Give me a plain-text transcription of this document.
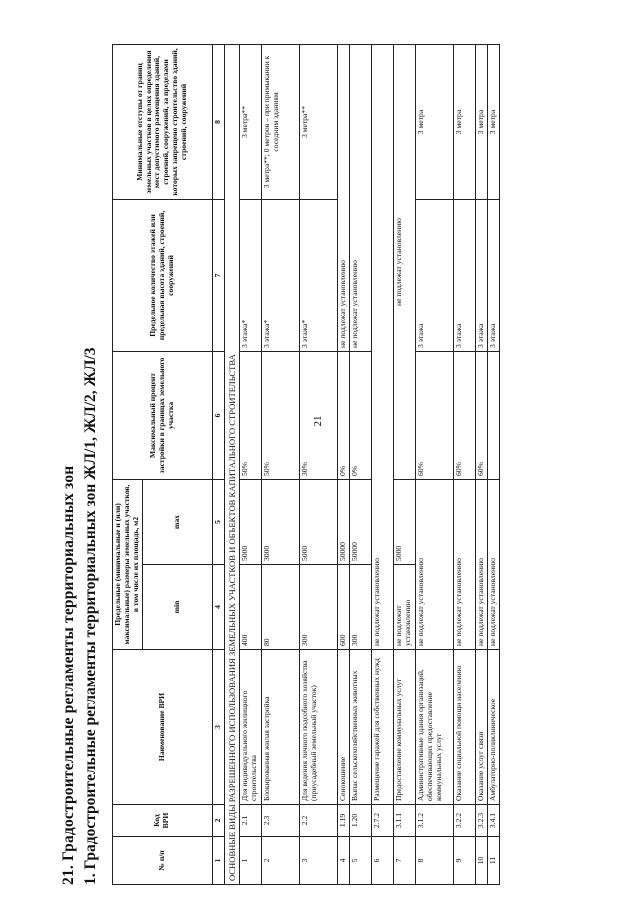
21
21. Градостроительные регламенты территориальных зон 1. Градостроительные регламенты территориальных зон ЖЛ/1, ЖЛ/2, ЖЛ/3	№ п/п	Код ВРИ	Наименование ВРИ	Предельные (минимальные и (или) максимальные) размеры земельных участков, в том числе их площадь, м2		Максимальный процент застройки в границах земельного участка	Предельное количество этажей или предельная высота зданий, строений, сооружений	Минимальные отступы от границ земельных участков в целях определения мест допустимого размещения зданий, строений, сооружений, за пределами которых запрещено строительство зданий, строений, сооружений
			min	max			
1	2	3	4	5	6	7	8
ОСНОВНЫЕ ВИДЫ РАЗРЕШЕННОГО ИСПОЛЬЗОВАНИЯ ЗЕМЕЛЬНЫХ УЧАСТКОВ И ОБЪЕКТОВ КАПИТАЛЬНОГО СТРОИТЕЛЬСТВА							
1	2.1	Для индивидуального жилищного строительства	400	5000	50%	3 этажа*	3 метра**
2	2.3	Блокированная жилая застройка	80	3000	50%	3 этажа*	3 метра**; 0 метров – при примыкании к соседним зданиям
3	2.2	Для ведения личного подсобного хозяйства (приусадебный земельный участок)	300	5000	30%	3 этажа*	3 метра**
4	1.19	Сенокошение	600	50000	0%	не подлежат установлению	
5	1.20	Выпас сельскохозяйственных животных	300	50000	0%	не подлежат установлению	
6	2.7.2	Размещение гаражей для собственных нужд	не подлежат установлению				
7	3.1.1	Предоставление коммунальных услуг	не подлежит установлению	5000	не подлежат установлению		
8	3.1.2	Административные здания организаций, обеспечивающих предоставление коммунальных услуг	не подлежат установлению		60%	3 этажа	3 метра
9	3.2.2	Оказание социальной помощи населению	не подлежат установлению		60%	3 этажа	3 метра
10	3.2.3	Оказание услуг связи	не подлежат установлению		60%	3 этажа	3 метра
11	3.4.1	Амбулаторно-поликлиническое	не подлежат установлению			3 этажа	3 метра
